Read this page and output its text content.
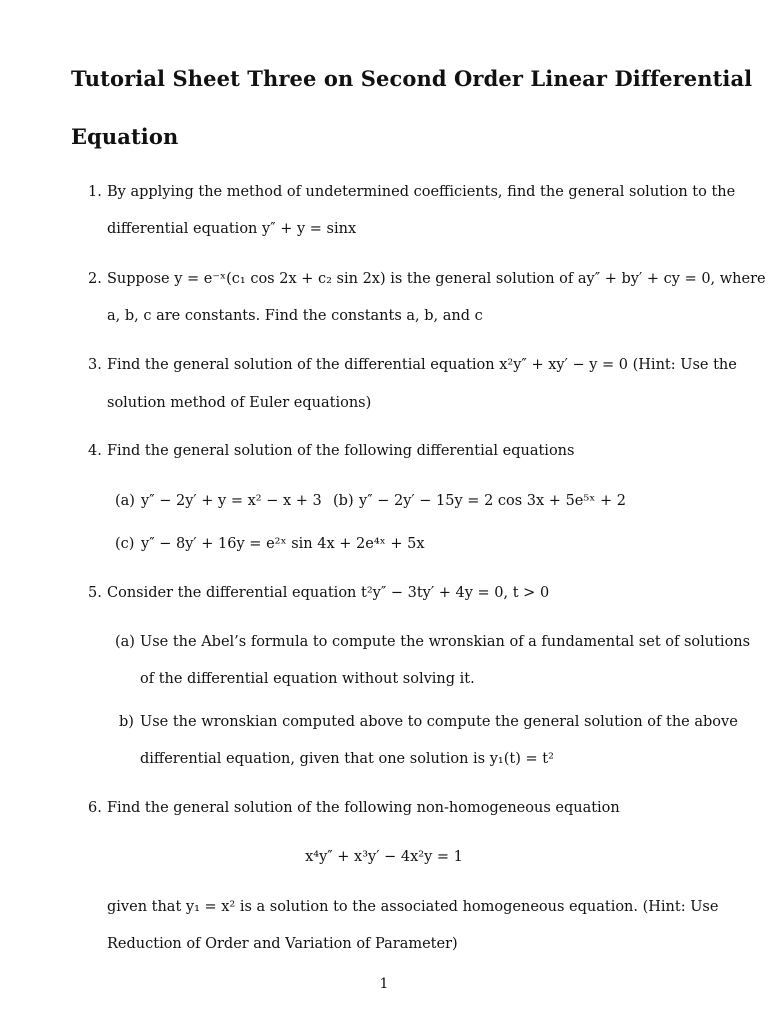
Tutorial Sheet Three on Second Order Linear Differential
Equation
1. By applying the method of undetermined coefficients, find the general solution to the
differential equation y″ + y = sinx
2. Suppose y = e⁻ˣ(c₁ cos 2x + c₂ sin 2x) is the general solution of ay″ + by′ + cy = 0, where
a, b, c are constants. Find the constants a, b, and c
3. Find the general solution of the differential equation x²y″ + xy′ − y = 0 (Hint: Use the
solution method of Euler equations)
4. Find the general solution of the following differential equations
(a) y″ − 2y′ + y = x² − x + 3 (b) y″ − 2y′ − 15y = 2 cos 3x + 5e⁵ˣ + 2
(c) y″ − 8y′ + 16y = e²ˣ sin 4x + 2e⁴ˣ + 5x
5. Consider the differential equation t²y″ − 3ty′ + 4y = 0, t > 0
(a) Use the Abel’s formula to compute the wronskian of a fundamental set of solutions
of the differential equation without solving it.
b) Use the wronskian computed above to compute the general solution of the above
differential equation, given that one solution is y₁(t) = t²
6. Find the general solution of the following non-homogeneous equation
x⁴y″ + x³y′ − 4x²y = 1
given that y₁ = x² is a solution to the associated homogeneous equation. (Hint: Use
Reduction of Order and Variation of Parameter)
1
